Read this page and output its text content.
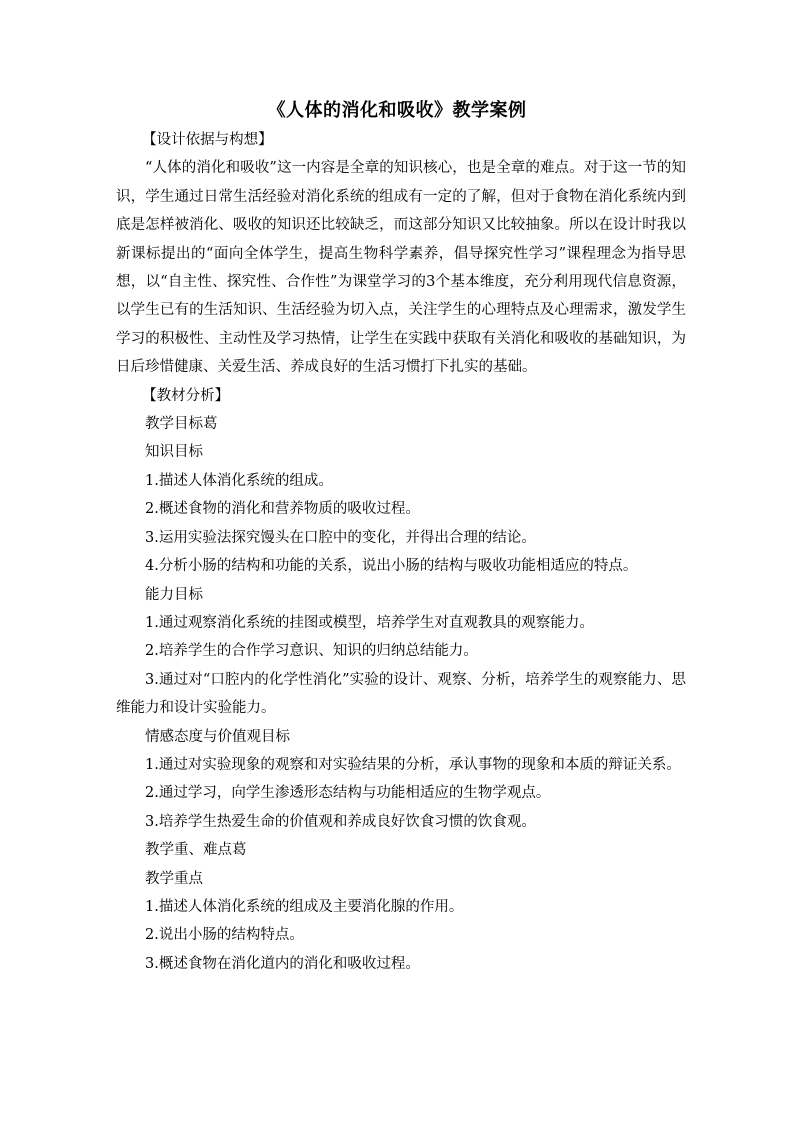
《人体的消化和吸收》教学案例

【设计依据与构想】

“人体的消化和吸收”这一内容是全章的知识核心，也是全章的难点。对于这一节的知识，学生通过日常生活经验对消化系统的组成有一定的了解，但对于食物在消化系统内到底是怎样被消化、吸收的知识还比较缺乏，而这部分知识又比较抽象。所以在设计时我以新课标提出的“面向全体学生，提高生物科学素养，倡导探究性学习”课程理念为指导思想，以“自主性、探究性、合作性”为课堂学习的3个基本维度，充分利用现代信息资源，以学生已有的生活知识、生活经验为切入点，关注学生的心理特点及心理需求，激发学生学习的积极性、主动性及学习热情，让学生在实践中获取有关消化和吸收的基础知识，为日后珍惜健康、关爱生活、养成良好的生活习惯打下扎实的基础。

【教材分析】

教学目标葛

知识目标

1.描述人体消化系统的组成。

2.概述食物的消化和营养物质的吸收过程。

3.运用实验法探究馒头在口腔中的变化，并得出合理的结论。

4.分析小肠的结构和功能的关系，说出小肠的结构与吸收功能相适应的特点。

能力目标

1.通过观察消化系统的挂图或模型，培养学生对直观教具的观察能力。

2.培养学生的合作学习意识、知识的归纳总结能力。

3.通过对“口腔内的化学性消化”实验的设计、观察、分析，培养学生的观察能力、思维能力和设计实验能力。

情感态度与价值观目标

1.通过对实验现象的观察和对实验结果的分析，承认事物的现象和本质的辩证关系。

2.通过学习，向学生渗透形态结构与功能相适应的生物学观点。

3.培养学生热爱生命的价值观和养成良好饮食习惯的饮食观。

教学重、难点葛

教学重点

1.描述人体消化系统的组成及主要消化腺的作用。

2.说出小肠的结构特点。

3.概述食物在消化道内的消化和吸收过程。
